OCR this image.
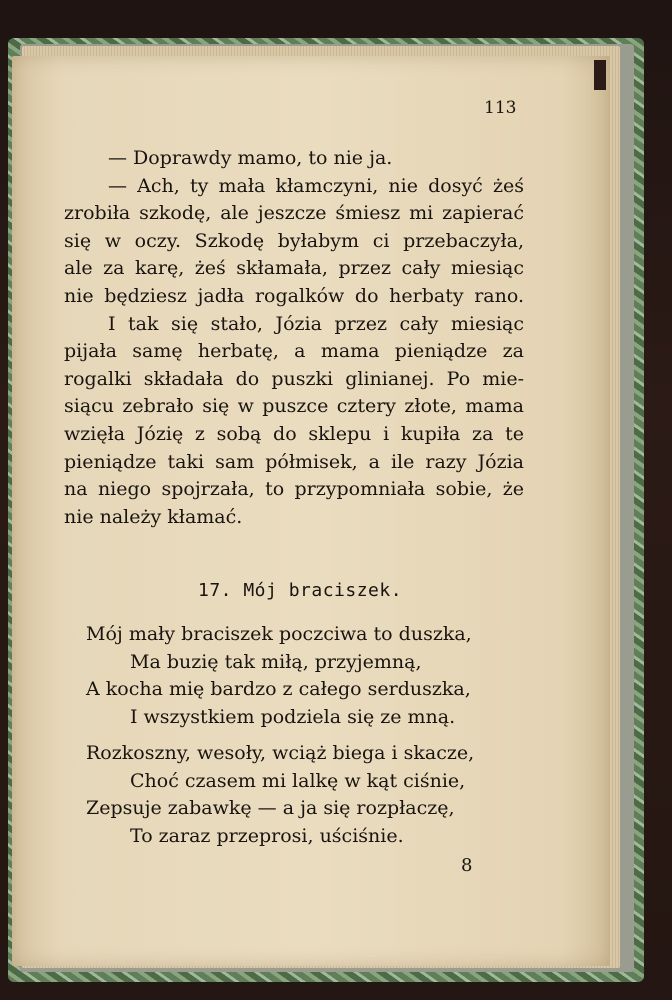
113
— Doprawdy mamo, to nie ja.
— Ach, ty mała kłamczyni, nie dosyć żeś
zrobiła szkodę, ale jeszcze śmiesz mi zapierać
się w oczy. Szkodę byłabym ci przebaczyła,
ale za karę, żeś skłamała, przez cały miesiąc
nie będziesz jadła rogalków do herbaty rano.
I tak się stało, Józia przez cały miesiąc
pijała samę herbatę, a mama pieniądze za
rogalki składała do puszki glinianej. Po mie-
siącu zebrało się w puszce cztery złote, mama
wzięła Józię z sobą do sklepu i kupiła za te
pieniądze taki sam półmisek, a ile razy Józia
na niego spojrzała, to przypomniała sobie, że
nie należy kłamać.
17. Mój braciszek.
Mój mały braciszek poczciwa to duszka,
Ma buzię tak miłą, przyjemną,
A kocha mię bardzo z całego serduszka,
I wszystkiem podziela się ze mną.
Rozkoszny, wesoły, wciąż biega i skacze,
Choć czasem mi lalkę w kąt ciśnie,
Zepsuje zabawkę — a ja się rozpłaczę,
To zaraz przeprosi, uściśnie.
8
